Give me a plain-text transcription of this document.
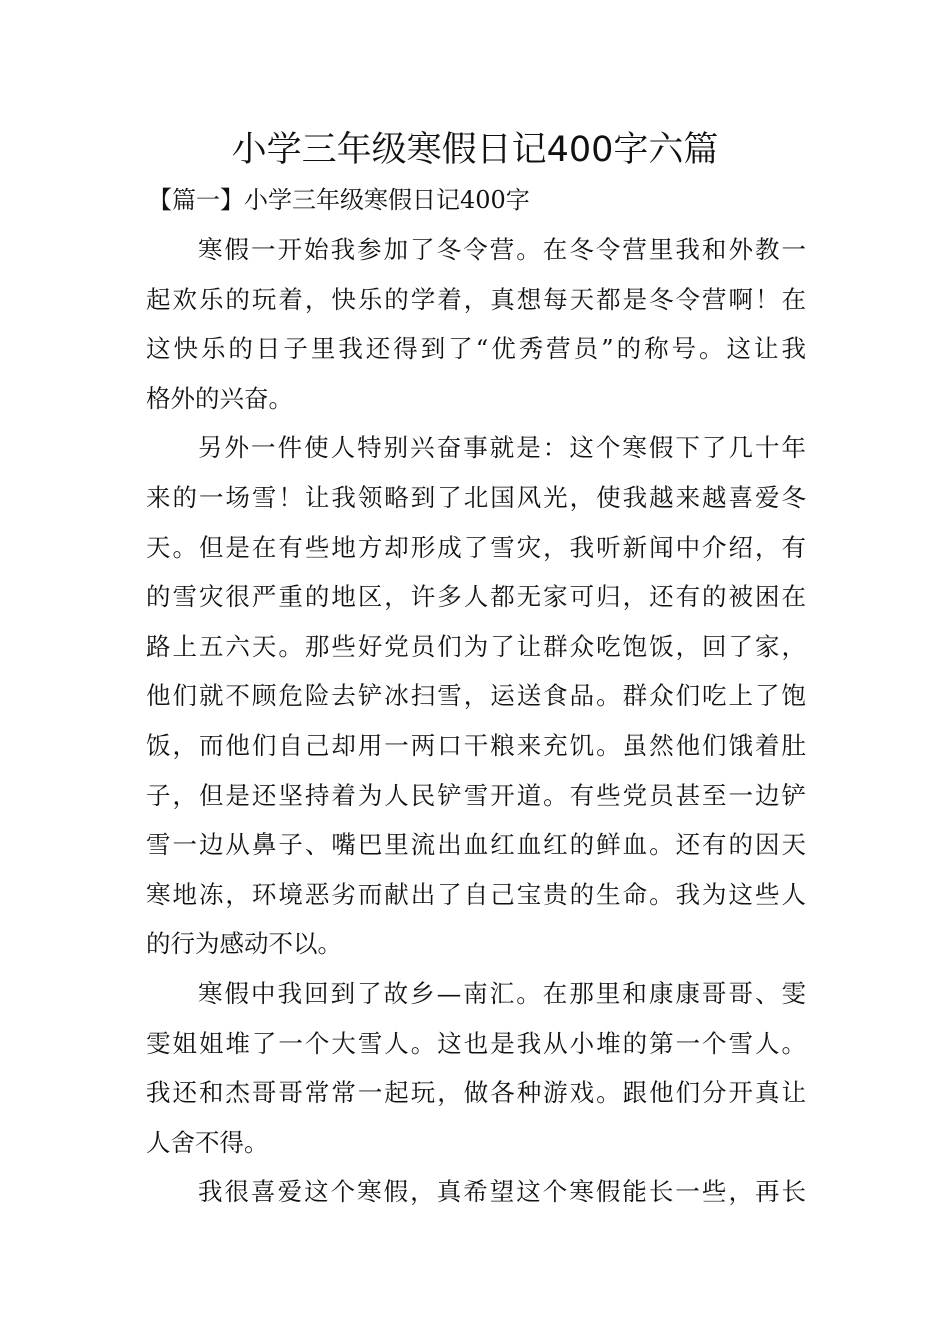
小学三年级寒假日记400字六篇
【篇一】小学三年级寒假日记400字
寒假一开始我参加了冬令营。在冬令营里我和外教一
起欢乐的玩着，快乐的学着，真想每天都是冬令营啊！在
这快乐的日子里我还得到了“优秀营员”的称号。这让我
格外的兴奋。
另外一件使人特别兴奋事就是：这个寒假下了几十年
来的一场雪！让我领略到了北国风光，使我越来越喜爱冬
天。但是在有些地方却形成了雪灾，我听新闻中介绍，有
的雪灾很严重的地区，许多人都无家可归，还有的被困在
路上五六天。那些好党员们为了让群众吃饱饭，回了家，
他们就不顾危险去铲冰扫雪，运送食品。群众们吃上了饱
饭，而他们自己却用一两口干粮来充饥。虽然他们饿着肚
子，但是还坚持着为人民铲雪开道。有些党员甚至一边铲
雪一边从鼻子、嘴巴里流出血红血红的鲜血。还有的因天
寒地冻，环境恶劣而献出了自己宝贵的生命。我为这些人
的行为感动不以。
寒假中我回到了故乡—南汇。在那里和康康哥哥、雯
雯姐姐堆了一个大雪人。这也是我从小堆的第一个雪人。
我还和杰哥哥常常一起玩，做各种游戏。跟他们分开真让
人舍不得。
我很喜爱这个寒假，真希望这个寒假能长一些，再长
